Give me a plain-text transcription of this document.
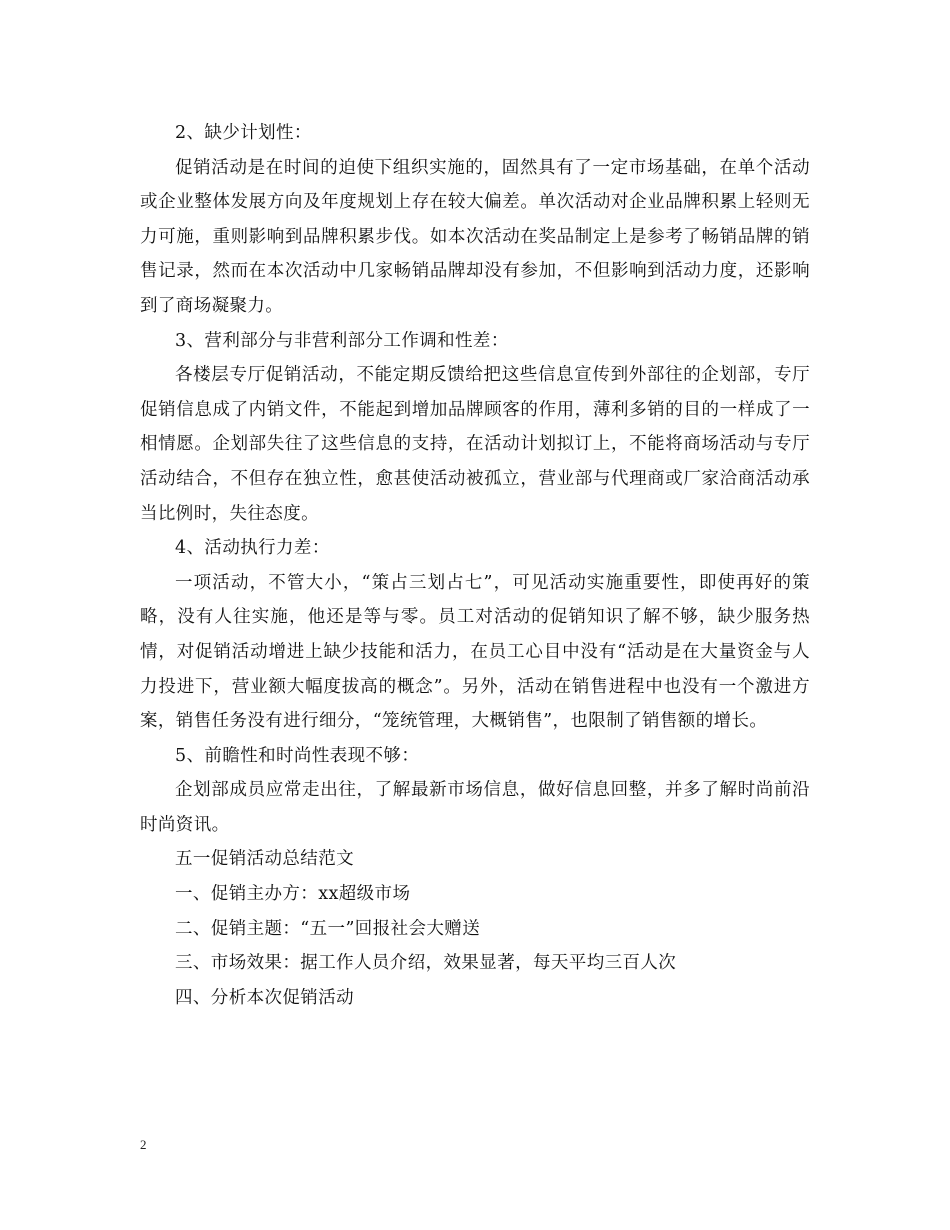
2、缺少计划性：

促销活动是在时间的迫使下组织实施的，固然具有了一定市场基础，在单个活动或企业整体发展方向及年度规划上存在较大偏差。单次活动对企业品牌积累上轻则无力可施，重则影响到品牌积累步伐。如本次活动在奖品制定上是参考了畅销品牌的销售记录，然而在本次活动中几家畅销品牌却没有参加，不但影响到活动力度，还影响到了商场凝聚力。

3、营利部分与非营利部分工作调和性差：

各楼层专厅促销活动，不能定期反馈给把这些信息宣传到外部往的企划部，专厅促销信息成了内销文件，不能起到增加品牌顾客的作用，薄利多销的目的一样成了一相情愿。企划部失往了这些信息的支持，在活动计划拟订上，不能将商场活动与专厅活动结合，不但存在独立性，愈甚使活动被孤立，营业部与代理商或厂家洽商活动承当比例时，失往态度。

4、活动执行力差：

一项活动，不管大小，“策占三划占七”，可见活动实施重要性，即使再好的策略，没有人往实施，他还是等与零。员工对活动的促销知识了解不够，缺少服务热情，对促销活动增进上缺少技能和活力，在员工心目中没有“活动是在大量资金与人力投进下，营业额大幅度拔高的概念”。另外，活动在销售进程中也没有一个激进方案，销售任务没有进行细分，“笼统管理，大概销售”，也限制了销售额的增长。

5、前瞻性和时尚性表现不够：

企划部成员应常走出往，了解最新市场信息，做好信息回整，并多了解时尚前沿时尚资讯。

五一促销活动总结范文

一、促销主办方：xx超级市场

二、促销主题：“五一”回报社会大赠送

三、市场效果：据工作人员介绍，效果显著，每天平均三百人次

四、分析本次促销活动

2
